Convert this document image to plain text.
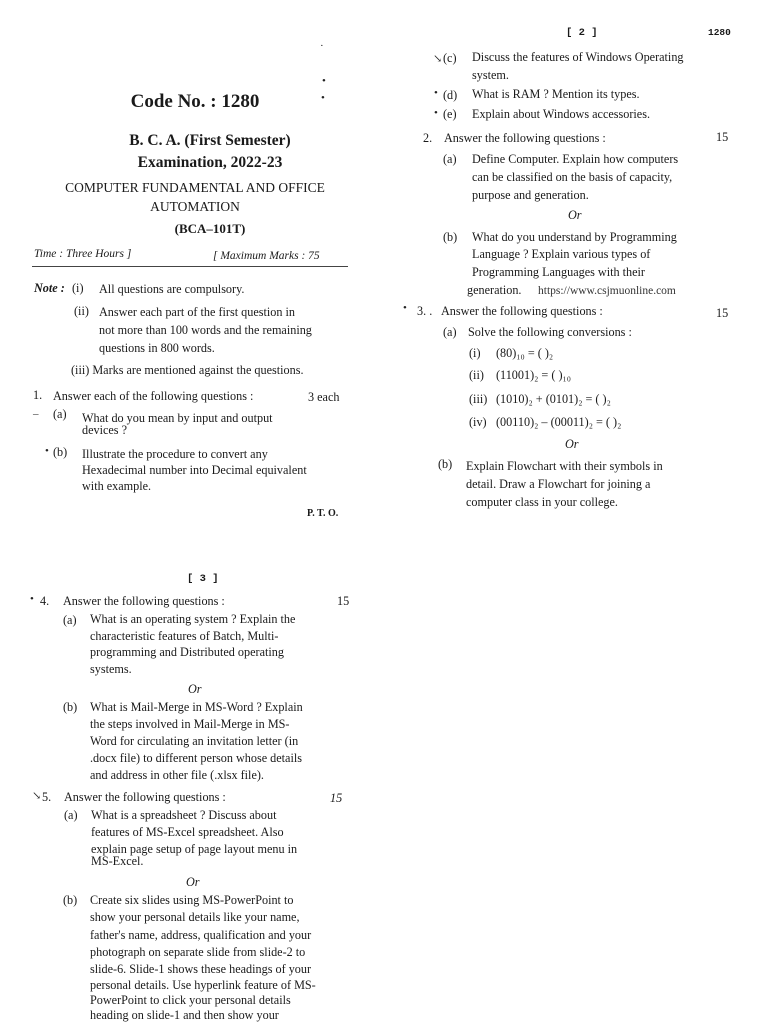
Code No. : 1280
B. C. A. (First Semester)
Examination, 2022-23
COMPUTER FUNDAMENTAL AND OFFICE
AUTOMATION
(BCA–101T)
Time : Three Hours ]	[ Maximum Marks : 75
Note : (i) All questions are compulsory.
(ii) Answer each part of the first question in
not more than 100 words and the remaining
questions in 800 words.
(iii) Marks are mentioned against the questions.
1. Answer each of the following questions :	3 each
– (a) What do you mean by input and output
devices ?
• (b) Illustrate the procedure to convert any
Hexadecimal number into Decimal equivalent
with example.
P. T. O.
[ 2 ]	1280
↘ (c) Discuss the features of Windows Operating
system.
• (d) What is RAM ? Mention its types.
• (e) Explain about Windows accessories.
2. Answer the following questions :	15
(a) Define Computer. Explain how computers
can be classified on the basis of capacity,
purpose and generation.
Or
(b) What do you understand by Programming
Language ? Explain various types of
Programming Languages with their
generation. https://www.csjmuonline.com
• 3. . Answer the following questions :	15
(a) Solve the following conversions :
(i) (80)₁₀ = ( )₂
(ii) (11001)₂ = ( )₁₀
(iii) (1010)₂ + (0101)₂ = ( )₂
(iv) (00110)₂ – (00011)₂ = ( )₂
Or
(b) Explain Flowchart with their symbols in
detail. Draw a Flowchart for joining a
computer class in your college.
[ 3 ]
• 4. Answer the following questions :	15
(a) What is an operating system ? Explain the
characteristic features of Batch, Multi-
programming and Distributed operating
systems.
Or
(b) What is Mail-Merge in MS-Word ? Explain
the steps involved in Mail-Merge in MS-
Word for circulating an invitation letter (in
.docx file) to different person whose details
and address in other file (.xlsx file).
↘ 5. Answer the following questions :	15
(a) What is a spreadsheet ? Discuss about
features of MS-Excel spreadsheet. Also
explain page setup of page layout menu in
MS-Excel.
Or
(b) Create six slides using MS-PowerPoint to
show your personal details like your name,
father's name, address, qualification and your
photograph on separate slide from slide-2 to
slide-6. Slide-1 shows these headings of your
personal details. Use hyperlink feature of MS-
PowerPoint to click your personal details
heading on slide-1 and then show your
·
•
•
